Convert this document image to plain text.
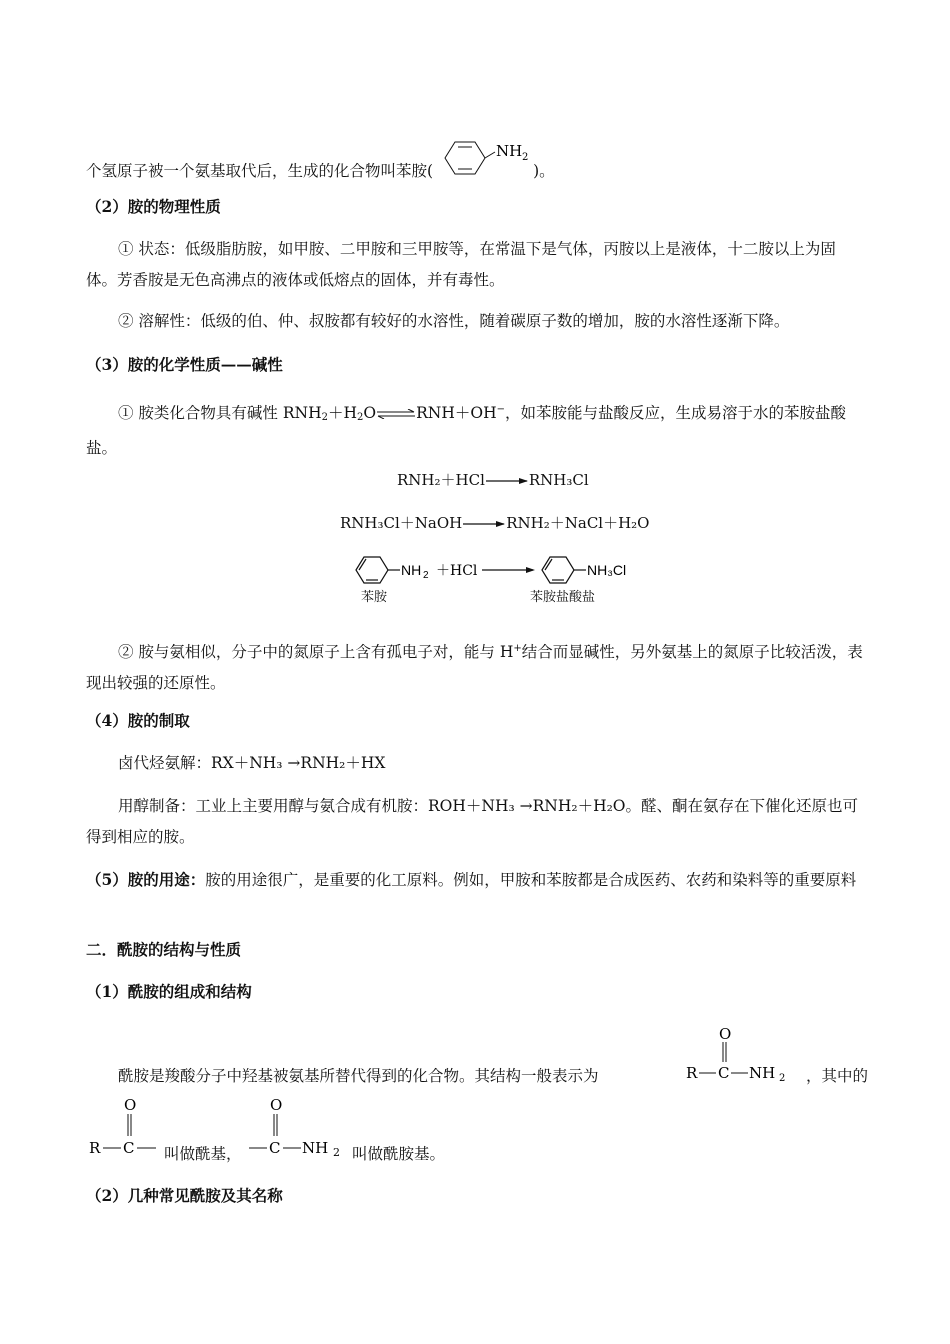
个氢原子被一个氨基取代后，生成的化合物叫苯胺(
NH 2
)。

（2）胺的物理性质

① 状态：低级脂肪胺，如甲胺、二甲胺和三甲胺等，在常温下是气体，丙胺以上是液体，十二胺以上为固体。芳香胺是无色高沸点的液体或低熔点的固体，并有毒性。

② 溶解性：低级的伯、仲、叔胺都有较好的水溶性，随着碳原子数的增加，胺的水溶性逐渐下降。

（3）胺的化学性质——碱性

① 胺类化合物具有碱性 $RNH_2+H_2O\rightleftharpoons RNH+OH^-$，如苯胺能与盐酸反应，生成易溶于水的苯胺盐酸盐。

RNH₂＋HCl→RNH₃Cl
RNH₃Cl＋NaOH→RNH₂＋NaCl＋H₂O
NH 2 ＋HCl	NH₃Cl
苯胺	苯胺盐酸盐

② 胺与氨相似，分子中的氮原子上含有孤电子对，能与 H+结合而显碱性，另外氨基上的氮原子比较活泼，表现出较强的还原性。

（4）胺的制取

卤代烃氨解：RX＋NH₃ →RNH₂＋HX

用醇制备：工业上主要用醇与氨合成有机胺：ROH＋NH₃ →RNH₂＋H₂O。醛、酮在氨存在下催化还原也可得到相应的胺。

（5）胺的用途：胺的用途很广，是重要的化工原料。例如，甲胺和苯胺都是合成医药、农药和染料等的重要原料

二．酰胺的结构与性质

（1）酰胺的组成和结构

酰胺是羧酸分子中羟基被氨基所替代得到的化合物。其结构一般表示为
O
R C NH 2 ，其中的
O
R C 叫做酰基，
O
C NH 2 叫做酰胺基。

（2）几种常见酰胺及其名称
